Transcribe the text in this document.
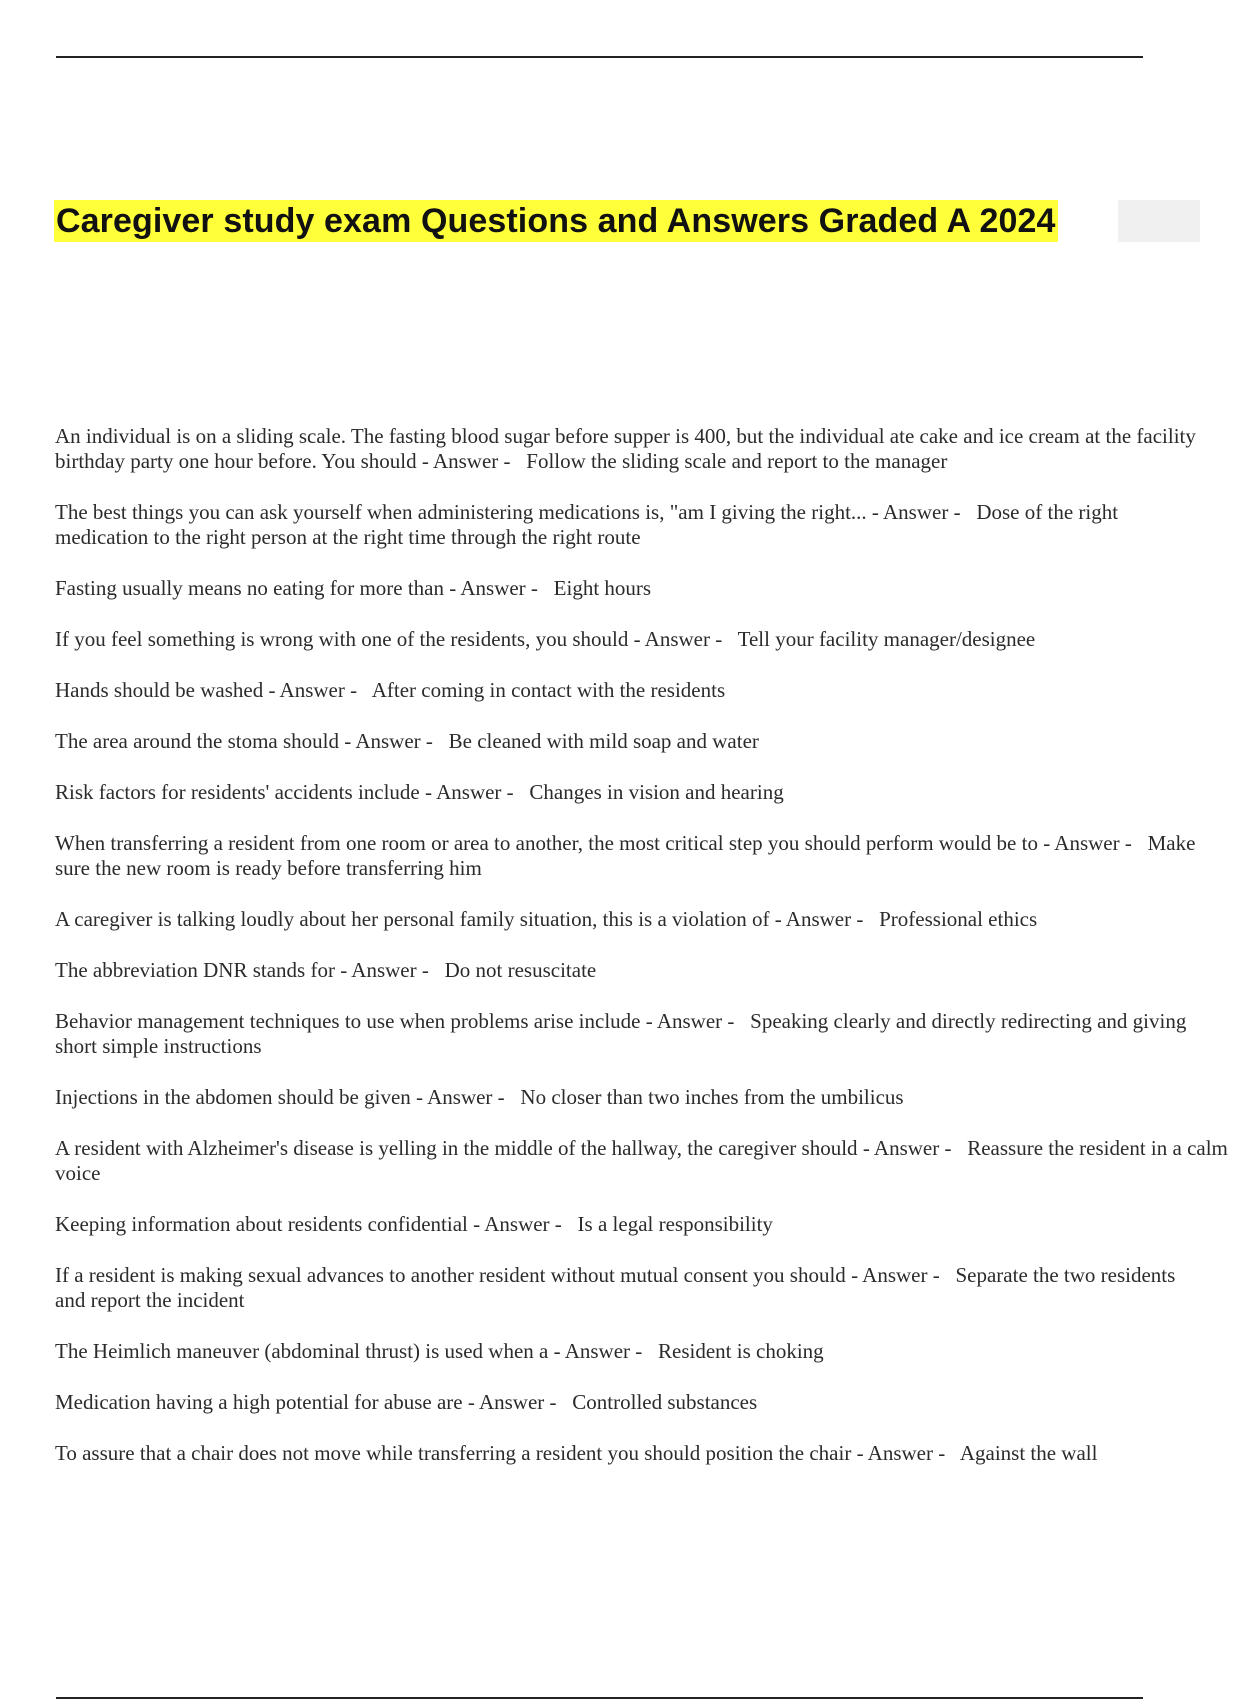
Caregiver study exam Questions and Answers Graded A 2024
An individual is on a sliding scale. The fasting blood sugar before supper is 400, but the individual ate cake and ice cream at the facility birthday party one hour before. You should - Answer -   Follow the sliding scale and report to the manager
The best things you can ask yourself when administering medications is, "am I giving the right... - Answer -   Dose of the right medication to the right person at the right time through the right route
Fasting usually means no eating for more than - Answer -   Eight hours
If you feel something is wrong with one of the residents, you should - Answer -   Tell your facility manager/designee
Hands should be washed - Answer -   After coming in contact with the residents
The area around the stoma should - Answer -   Be cleaned with mild soap and water
Risk factors for residents' accidents include - Answer -   Changes in vision and hearing
When transferring a resident from one room or area to another, the most critical step you should perform would be to - Answer -   Make sure the new room is ready before transferring him
A caregiver is talking loudly about her personal family situation, this is a violation of - Answer -   Professional ethics
The abbreviation DNR stands for - Answer -   Do not resuscitate
Behavior management techniques to use when problems arise include - Answer -   Speaking clearly and directly redirecting and giving short simple instructions
Injections in the abdomen should be given - Answer -   No closer than two inches from the umbilicus
A resident with Alzheimer's disease is yelling in the middle of the hallway, the caregiver should - Answer -   Reassure the resident in a calm voice
Keeping information about residents confidential - Answer -   Is a legal responsibility
If a resident is making sexual advances to another resident without mutual consent you should - Answer -   Separate the two residents and report the incident
The Heimlich maneuver (abdominal thrust) is used when a - Answer -   Resident is choking
Medication having a high potential for abuse are - Answer -   Controlled substances
To assure that a chair does not move while transferring a resident you should position the chair - Answer -   Against the wall
